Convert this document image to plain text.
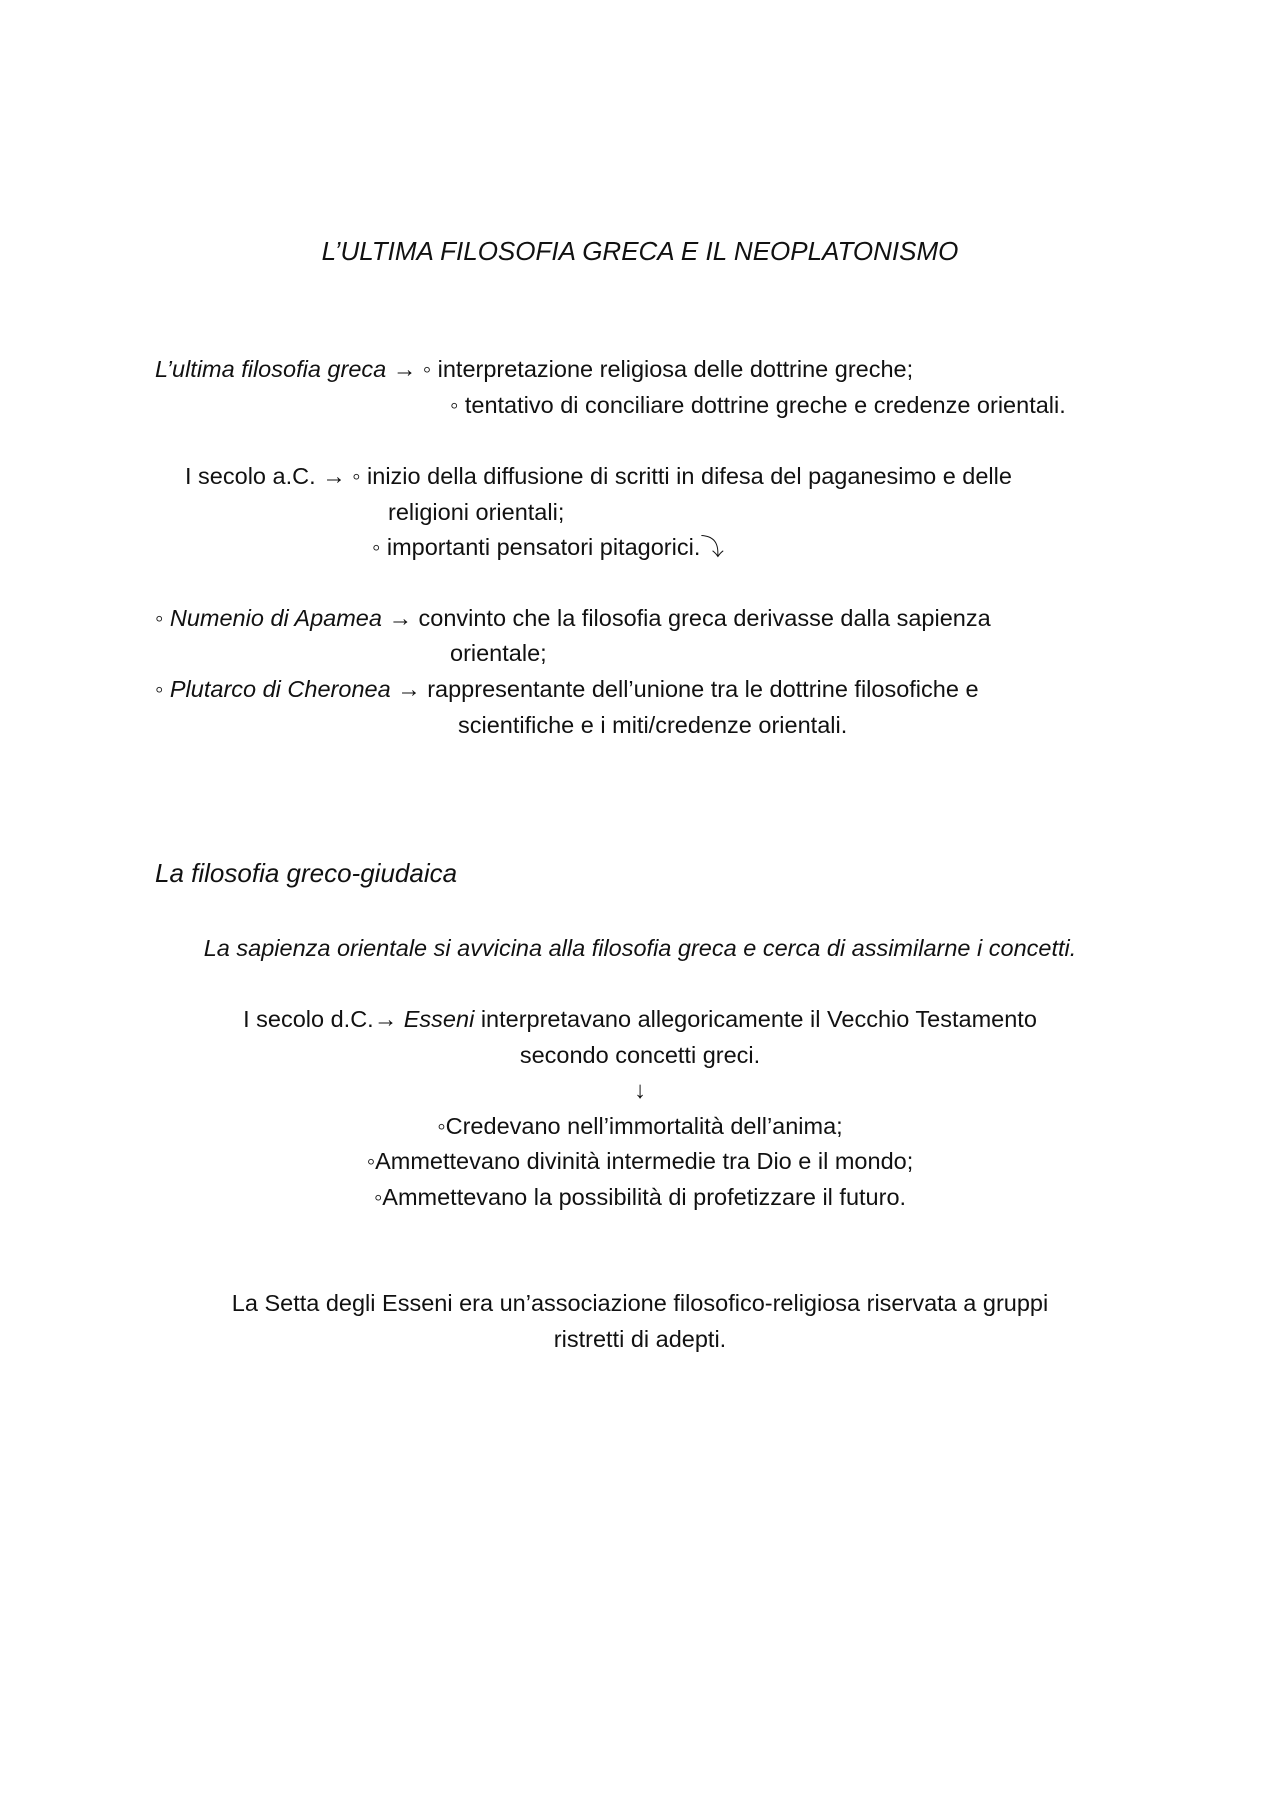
L’ULTIMA FILOSOFIA GRECA E IL NEOPLATONISMO
L’ultima filosofia greca → ◦ interpretazione religiosa delle dottrine greche;
◦ tentativo di conciliare dottrine greche e credenze orientali.
I secolo a.C. → ◦ inizio della diffusione di scritti in difesa del paganesimo e delle
religioni orientali;
◦ importanti pensatori pitagorici.⤵
◦ Numenio di Apamea → convinto che la filosofia greca derivasse dalla sapienza
orientale;
◦ Plutarco di Cheronea → rappresentante dell’unione tra le dottrine filosofiche e
scientifiche e i miti/credenze orientali.
La filosofia greco-giudaica
La sapienza orientale si avvicina alla filosofia greca e cerca di assimilarne i concetti.
I secolo d.C.→ Esseni interpretavano allegoricamente il Vecchio Testamento
secondo concetti greci.
↓
◦Credevano nell’immortalità dell’anima;
◦Ammettevano divinità intermedie tra Dio e il mondo;
◦Ammettevano la possibilità di profetizzare il futuro.
La Setta degli Esseni era un’associazione filosofico-religiosa riservata a gruppi
ristretti di adepti.
